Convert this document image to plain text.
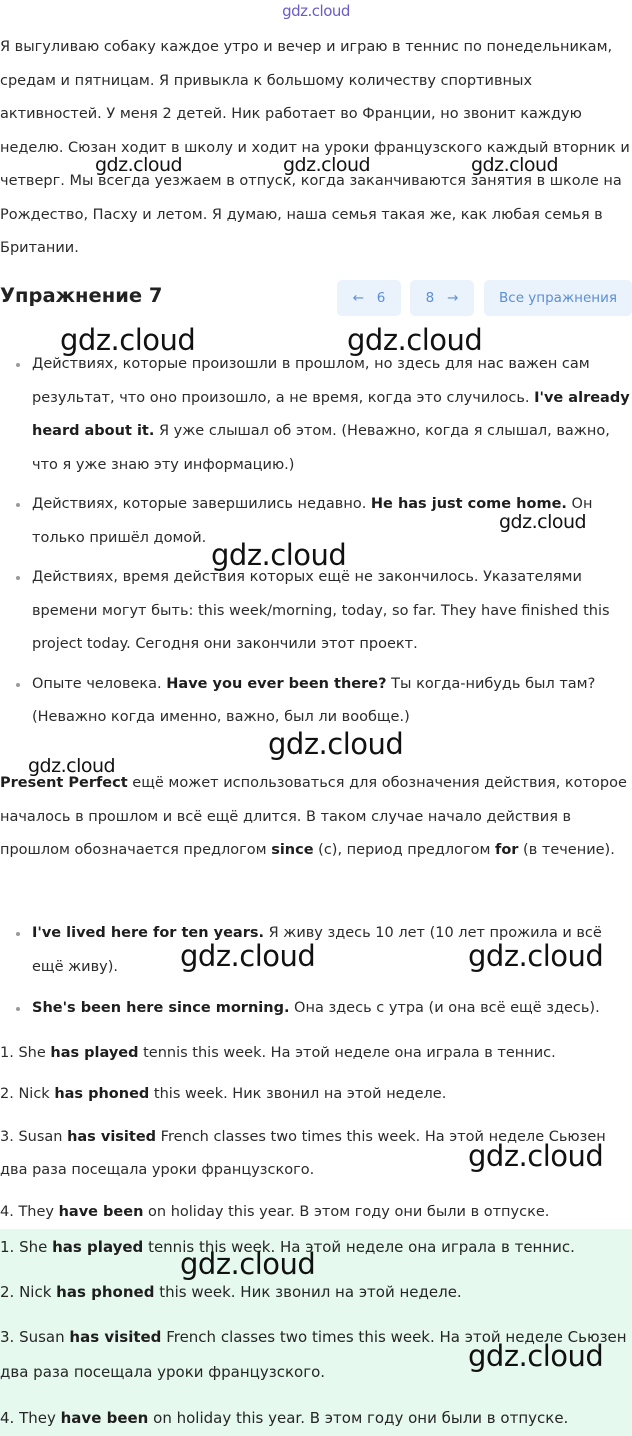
gdz.cloud

Я выгуливаю собаку каждое утро и вечер и играю в теннис по понедельникам, средам и пятницам. Я привыкла к большому количеству спортивных активностей. У меня 2 детей. Ник работает во Франции, но звонит каждую неделю. Сюзан ходит в школу и ходит на уроки французского каждый вторник и четверг. Мы всегда уезжаем в отпуск, когда заканчиваются занятия в школе на Рождество, Пасху и летом. Я думаю, наша семья такая же, как любая семья в Британии.

Упражнение 7	← 6	8 →	Все упражнения
Действиях, которые произошли в прошлом, но здесь для нас важен сам результат, что оно произошло, а не время, когда это случилось. I've already heard about it. Я уже слышал об этом. (Неважно, когда я слышал, важно, что я уже знаю эту информацию.)
Действиях, которые завершились недавно. He has just come home. Он только пришёл домой.
Действиях, время действия которых ещё не закончилось. Указателями времени могут быть: this week/morning, today, so far. They have finished this project today. Сегодня они закончили этот проект.
Опыте человека. Have you ever been there? Ты когда-нибудь был там? (Неважно когда именно, важно, был ли вообще.)

Present Perfect ещё может использоваться для обозначения действия, которое началось в прошлом и всё ещё длится. В таком случае начало действия в прошлом обозначается предлогом since (с), период предлогом for (в течение).

I've lived here for ten years. Я живу здесь 10 лет (10 лет прожила и всё ещё живу).
She's been here since morning. Она здесь с утра (и она всё ещё здесь).

1. She has played tennis this week. На этой неделе она играла в теннис.

2. Nick has phoned this week. Ник звонил на этой неделе.

3. Susan has visited French classes two times this week. На этой неделе Сьюзен два раза посещала уроки французского.

4. They have been on holiday this year. В этом году они были в отпуске.

1. She has played tennis this week. На этой неделе она играла в теннис.

2. Nick has phoned this week. Ник звонил на этой неделе.

3. Susan has visited French classes two times this week. На этой неделе Сьюзен два раза посещала уроки французского.

4. They have been on holiday this year. В этом году они были в отпуске.

gdz.cloud	gdz.cloud	gdz.cloud
gdz.cloud	gdz.cloud
gdz.cloud
gdz.cloud
gdz.cloud
gdz.cloud
gdz.cloud	gdz.cloud
gdz.cloud
gdz.cloud
gdz.cloud
